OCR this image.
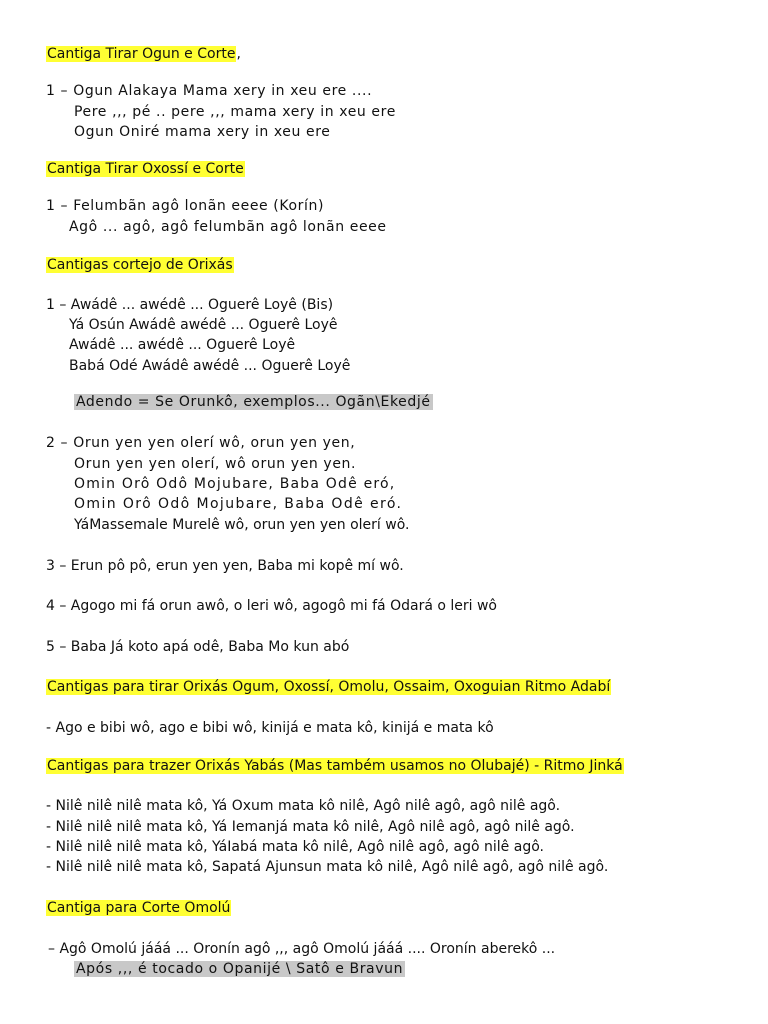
Cantiga Tirar Ogun e Corte,
1 – Ogun Alakaya Mama xery in xeu ere ....
Pere ,,, pé .. pere ,,, mama xery in xeu ere
Ogun Oniré mama xery in xeu ere
Cantiga Tirar Oxossí e Corte
1 – Felumbãn agô lonãn eeee (Korín)
Agô ... agô, agô felumbãn agô lonãn eeee
Cantigas cortejo de Orixás
1 – Awádê ... awédê ... Oguerê Loyê (Bis)
Yá Osún Awádê awédê ... Oguerê Loyê
Awádê ... awédê ... Oguerê Loyê
Babá Odé Awádê awédê ... Oguerê Loyê
Adendo = Se Orunkô, exemplos... Ogãn\Ekedjé
2 – Orun yen yen olerí wô, orun yen yen,
Orun yen yen olerí, wô orun yen yen.
Omin Orô Odô Mojubare, Baba Odê eró,
Omin Orô Odô Mojubare, Baba Odê eró.
YáMassemale Murelê wô, orun yen yen olerí wô.
3 – Erun pô pô, erun yen yen, Baba mi kopê mí wô.
4 – Agogo mi fá orun awô, o leri wô, agogô mi fá Odará o leri wô
5 – Baba Já koto apá odê, Baba Mo kun abó
Cantigas para tirar Orixás Ogum, Oxossí, Omolu, Ossaim, Oxoguian Ritmo Adabí
- Ago e bibi wô, ago e bibi wô, kinijá e mata kô, kinijá e mata kô
Cantigas para trazer Orixás Yabás (Mas também usamos no Olubajé) - Ritmo Jinká
- Nilê nilê nilê mata kô, Yá Oxum mata kô nilê, Agô nilê agô, agô nilê agô.
- Nilê nilê nilê mata kô, Yá Iemanjá mata kô nilê, Agô nilê agô, agô nilê agô.
- Nilê nilê nilê mata kô, YáIabá mata kô nilê, Agô nilê agô, agô nilê agô.
- Nilê nilê nilê mata kô, Sapatá Ajunsun mata kô nilê, Agô nilê agô, agô nilê agô.
Cantiga para Corte Omolú
– Agô Omolú jááá ... Oronín agô ,,, agô Omolú jááá .... Oronín aberekô ...
Após ,,, é tocado o Opanijé \ Satô e Bravun
